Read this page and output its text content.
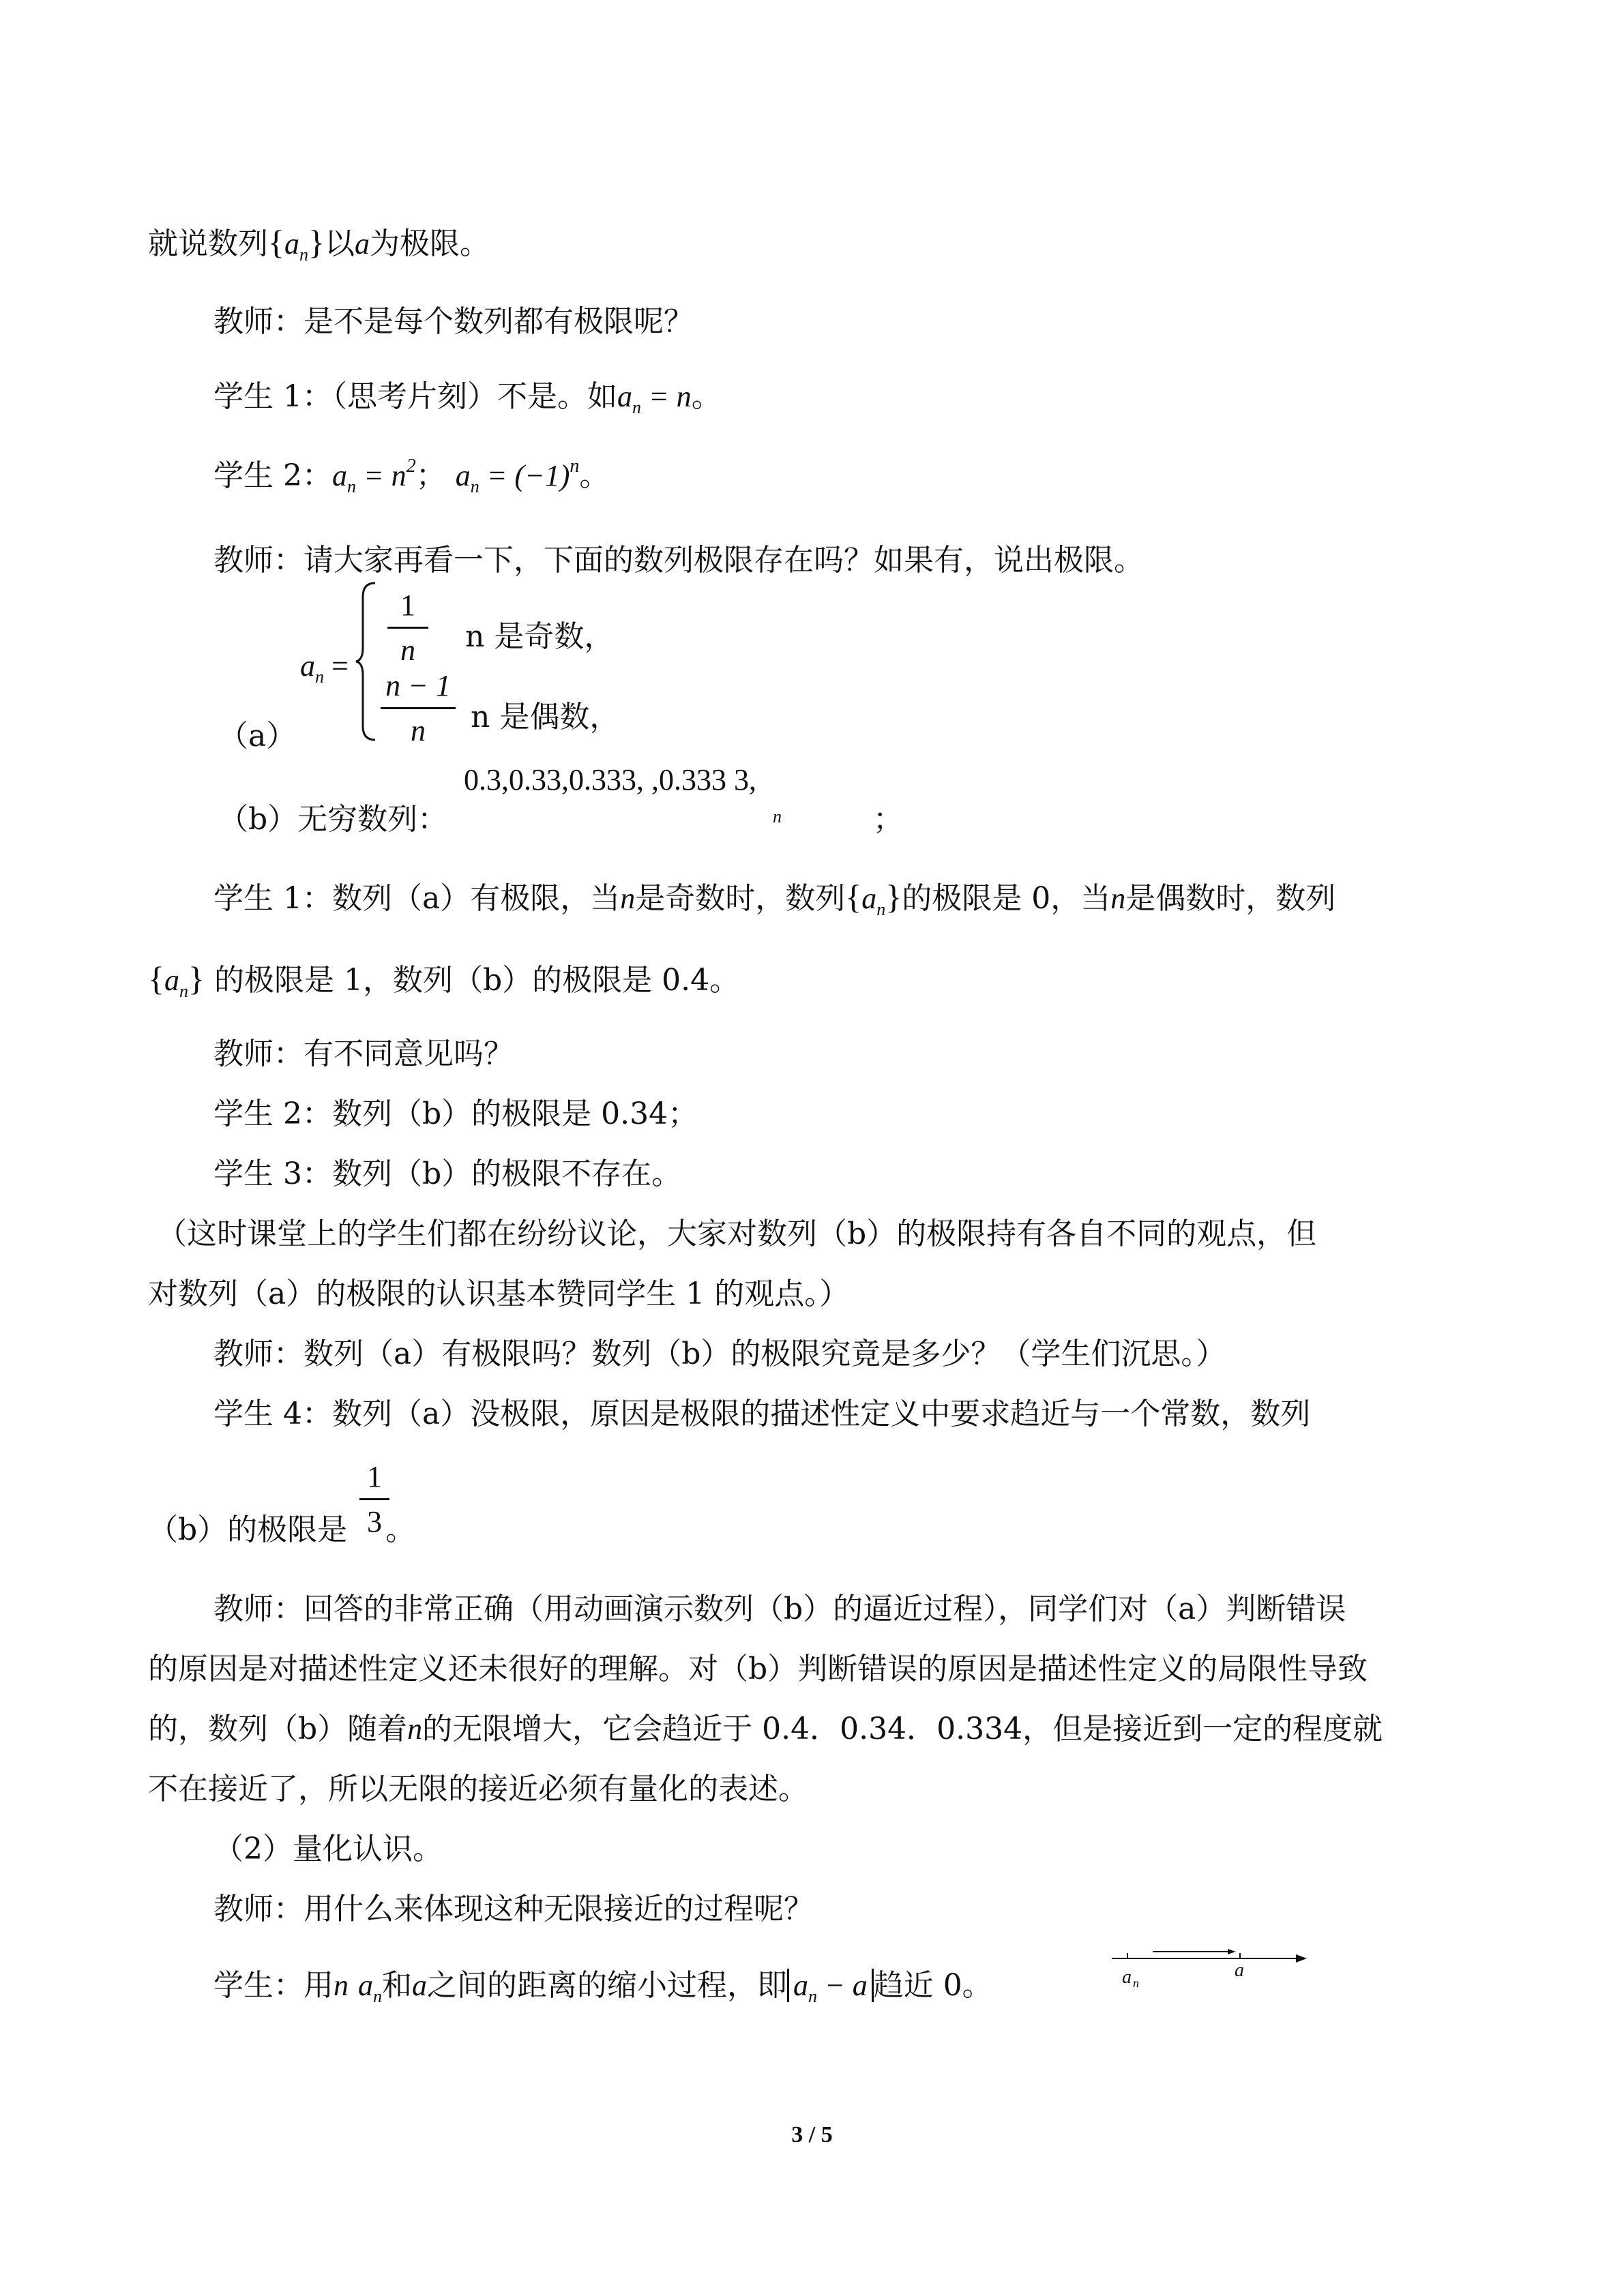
就说数列$\{a_n\}$以a为极限。
教师：是不是每个数列都有极限呢？
学生 1：（思考片刻）不是。如$a_n = n$。
学生 2：$a_n = n^2$； $a_n = (-1)^n$。
教师：请大家再看一下，下面的数列极限存在吗？如果有，说出极限。
$a_n$ =
1
n	n 是奇数，
n − 1
n	n 是偶数，
（a）
0.3,0.33,0.333, ,0.333 3,
n
（b）无穷数列：	；
学生 1：数列（a）有极限，当n是奇数时，数列$\{a_n\}$的极限是 0，当n是偶数时，数列
$\{a_n\}$ 的极限是 1，数列（b）的极限是 0.4。
教师：有不同意见吗？
学生 2：数列（b）的极限是 0.34；
学生 3：数列（b）的极限不存在。
（这时课堂上的学生们都在纷纷议论，大家对数列（b）的极限持有各自不同的观点，但
对数列（a）的极限的认识基本赞同学生 1 的观点。）
教师：数列（a）有极限吗？数列（b）的极限究竟是多少？（学生们沉思。）
学生 4：数列（a）没极限，原因是极限的描述性定义中要求趋近与一个常数，数列
（b）的极限是 。
1
3
教师：回答的非常正确（用动画演示数列（b）的逼近过程），同学们对（a）判断错误
的原因是对描述性定义还未很好的理解。对（b）判断错误的原因是描述性定义的局限性导致
的，数列（b）随着n的无限增大，它会趋近于 0.4．0.34．0.334，但是接近到一定的程度就
不在接近了，所以无限的接近必须有量化的表述。
（2）量化认识。
教师：用什么来体现这种无限接近的过程呢？
学生：用n $a_n$和a之间的距离的缩小过程，即 $a_n - a$ 趋近 0。	a n
a
3 / 5
